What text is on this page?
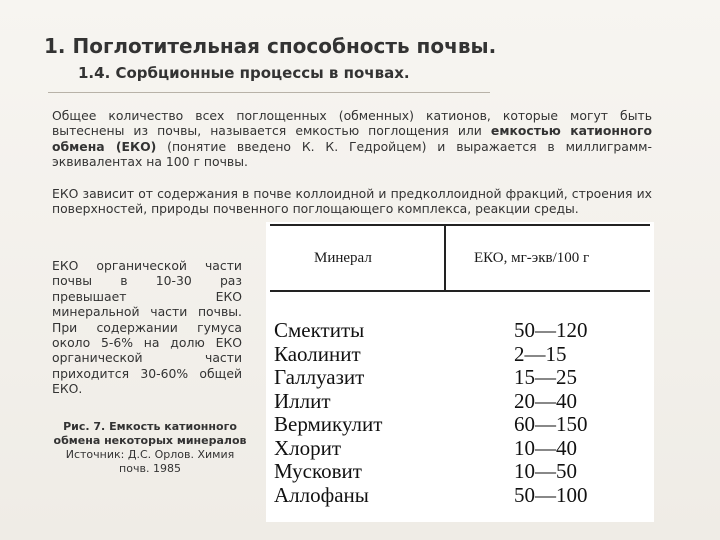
1. Поглотительная способность почвы.
1.4. Сорбционные процессы в почвах.
Общее количество всех поглощенных (обменных) катионов, которые могут быть вытеснены из почвы, называется емкостью поглощения или емкостью катионного обмена (ЕКО) (понятие введено К. К. Гедройцем) и выражается в миллиграмм-эквивалентах на 100 г почвы.
ЕКО зависит от содержания в почве коллоидной и предколлоидной фракций, строения их поверхностей, природы почвенного поглощающего комплекса, реакции среды.
ЕКО органической части почвы в 10-30 раз превышает ЕКО минеральной части почвы. При содержании гумуса около 5-6% на долю ЕКО органической части приходится 30-60% общей ЕКО.
Рис. 7. Емкость катионного обмена некоторых минералов
Источник: Д.С. Орлов. Химия почв. 1985
Минерал	ЕКО, мг-экв/100 г
Смектиты	50—120
Каолинит	2—15
Галлуазит	15—25
Иллит	20—40
Вермикулит	60—150
Хлорит	10—40
Мусковит	10—50
Аллофаны	50—100
